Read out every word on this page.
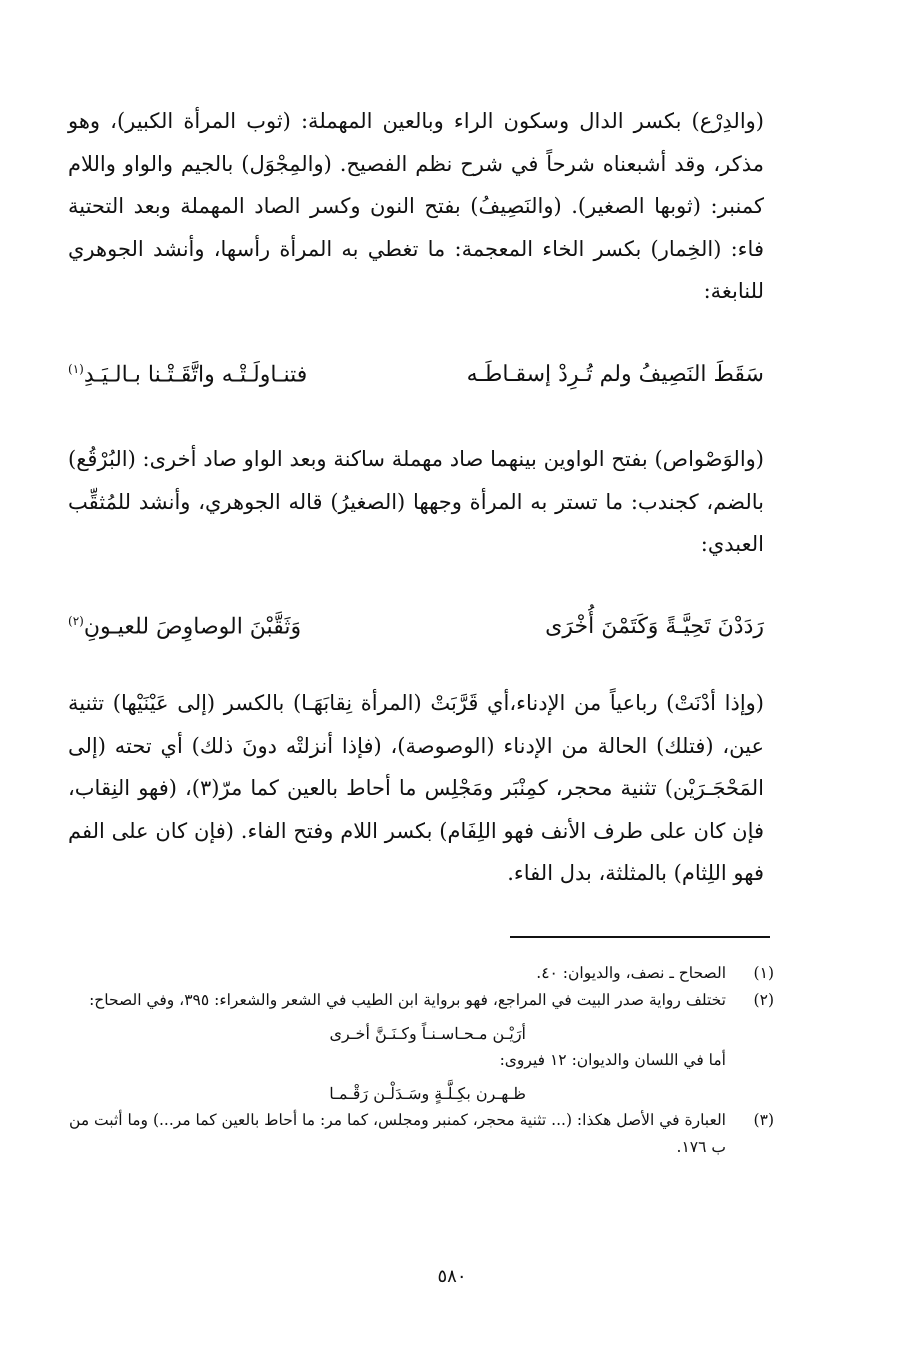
(والدِرْع) بكسر الدال وسكون الراء وبالعين المهملة: (ثوب المرأة الكبير)، وهو مذكر، وقد أشبعناه شرحاً في شرح نظم الفصيح. (والمِجْوَل) بالجيم والواو واللام كمنبر: (ثوبها الصغير). (والنَصِيفُ) بفتح النون وكسر الصاد المهملة وبعد التحتية فاء: (الخِمار) بكسر الخاء المعجمة: ما تغطي به المرأة رأسها، وأنشد الجوهري للنابغة:

سَقَطَ النَصِيفُ ولم تُـرِدْ إسقـاطَـه
فتنـاولَـتْـه واتَّقَـتْـنا بـالـيَـدِ$^{(١)}$

(والوَصْواص) بفتح الواوين بينهما صاد مهملة ساكنة وبعد الواو صاد أخرى: (البُرْقُع) بالضم، كجندب: ما تستر به المرأة وجهها (الصغيرُ) قاله الجوهري، وأنشد للمُثقِّب العبدي:

رَدَدْنَ تَحِيَّـةً وَكَتَمْنَ أُخْرَى
وَثَقَّبْنَ الوصاوِصَ للعيـونِ$^{(٢)}$

(وإذا أدْنَتْ) رباعياً من الإدناء،أي قَرَّبَتْ (المرأة نِقابَهَـا) بالكسر (إلى عَيْنَيْها) تثنية عين، (فتلك) الحالة من الإدناء (الوصوصة)، (فإذا أنزلتْه دونَ ذلك) أي تحته (إلى المَحْجَـرَيْن) تثنية محجر، كمِنْبَر ومَجْلِس ما أحاط بالعين كما مرّ(٣)، (فهو النِقاب، فإن كان على طرف الأنف فهو اللِفَام) بكسر اللام وفتح الفاء. (فإن كان على الفم فهو اللِثام) بالمثلثة، بدل الفاء.

(١)

الصحاح ـ نصف، والديوان: ٤٠.

(٢)

تختلف رواية صدر البيت في المراجع، فهو برواية ابن الطيب في الشعر والشعراء: ٣٩٥، وفي الصحاح:

أرَيْـن مـحـاسـنـاً وكـنَـنَّ أخـرى

أما في اللسان والديوان: ١٢ فيروى:

ظـهـرن بكِـلَّـةٍ وسَـدَلْـن رَقْـمـا

(٣)

العبارة في الأصل هكذا: (... تثنية محجر، كمنبر ومجلس، كما مر: ما أحاط بالعين كما مر...) وما أثبت من ب ١٧٦.

٥٨٠
